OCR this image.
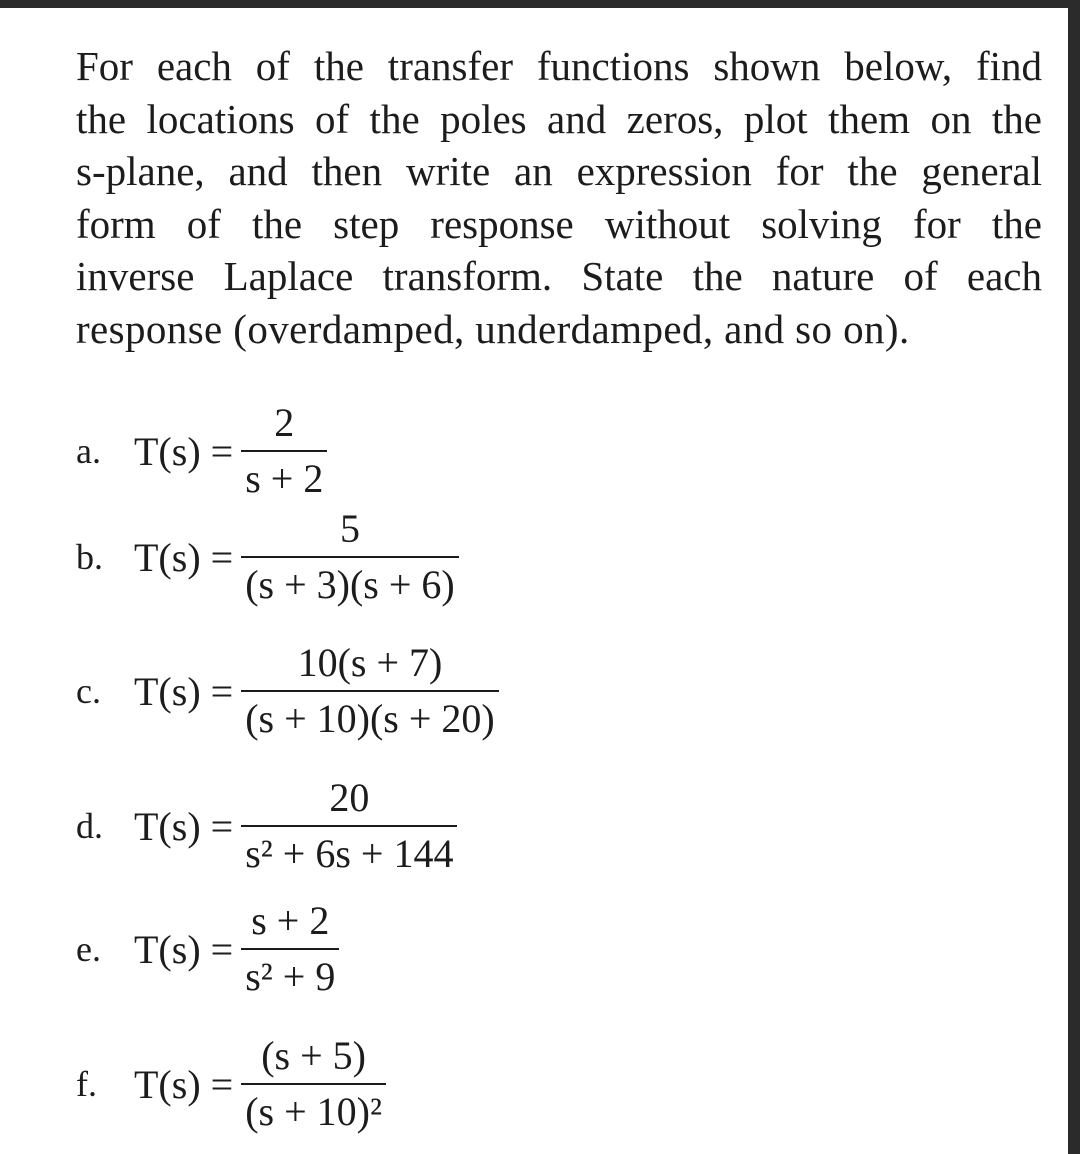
For each of the transfer functions shown below, find
the locations of the poles and zeros, plot them on the
s-plane, and then write an expression for the general
form of the step response without solving for the
inverse Laplace transform. State the nature of each
response (overdamped, underdamped, and so on).
a. $T(s) = \frac{2}{s + 2}$
b. $T(s) = \frac{5}{(s + 3)(s + 6)}$
c. $T(s) = \frac{10(s + 7)}{(s + 10)(s + 20)}$
d. $T(s) = \frac{20}{\text{s² + 6s + 144}}$
e. $T(s) = \frac{s + 2}{\text{s² + 9}}$
f. $T(s) = \frac{(s + 5)}{\text{(s + 10)²}}$
